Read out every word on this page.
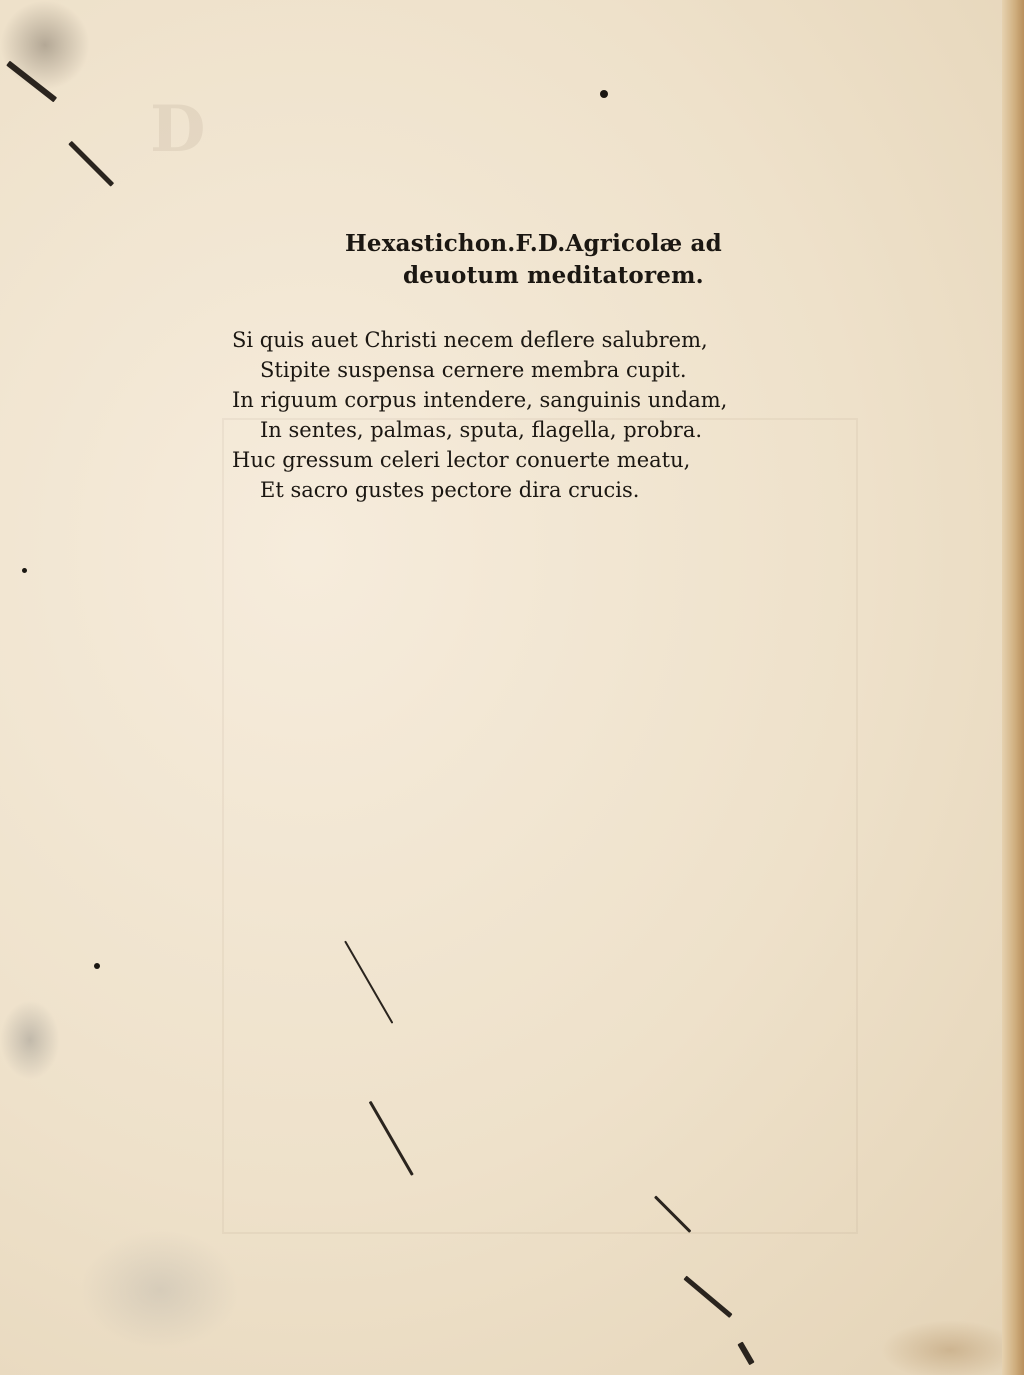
D​
Hexastichon.F.D.Agricolæ ad
deuotum meditatorem.
Si quis auet Christi necem deflere salubrem,
Stipite suspensa cernere membra cupit.
In riguum corpus intendere, sanguinis undam,
In sentes, palmas, sputa, flagella, probra.
Huc gressum celeri lector conuerte meatu,
Et sacro gustes pectore dira crucis.
